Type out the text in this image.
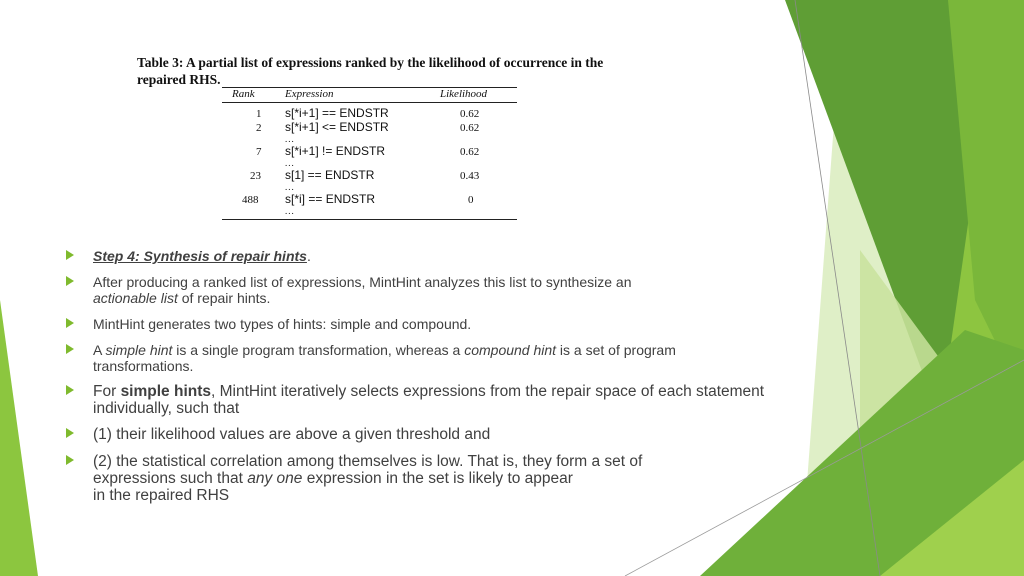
Table 3: A partial list of expressions ranked by the likelihood of occurrence in the repaired RHS.

Rank	Expression	Likelihood
1 s[*i+1] == ENDSTR	0.62
2 s[*i+1] <= ENDSTR	0.62
...
7 s[*i+1] != ENDSTR	0.62
...
23 s[1] == ENDSTR	0.43
...
488 s[*i] == ENDSTR	0
...
Step 4: Synthesis of repair hints.
After producing a ranked list of expressions, MintHint analyzes this list to synthesize an
actionable list of repair hints.
MintHint generates two types of hints: simple and compound.
A simple hint is a single program transformation, whereas a compound hint is a set of program transformations.
For simple hints, MintHint iteratively selects expressions from the repair space of each statement individually, such that
(1) their likelihood values are above a given threshold and
(2) the statistical correlation among themselves is low. That is, they form a set of
expressions such that any one expression in the set is likely to appear
in the repaired RHS
